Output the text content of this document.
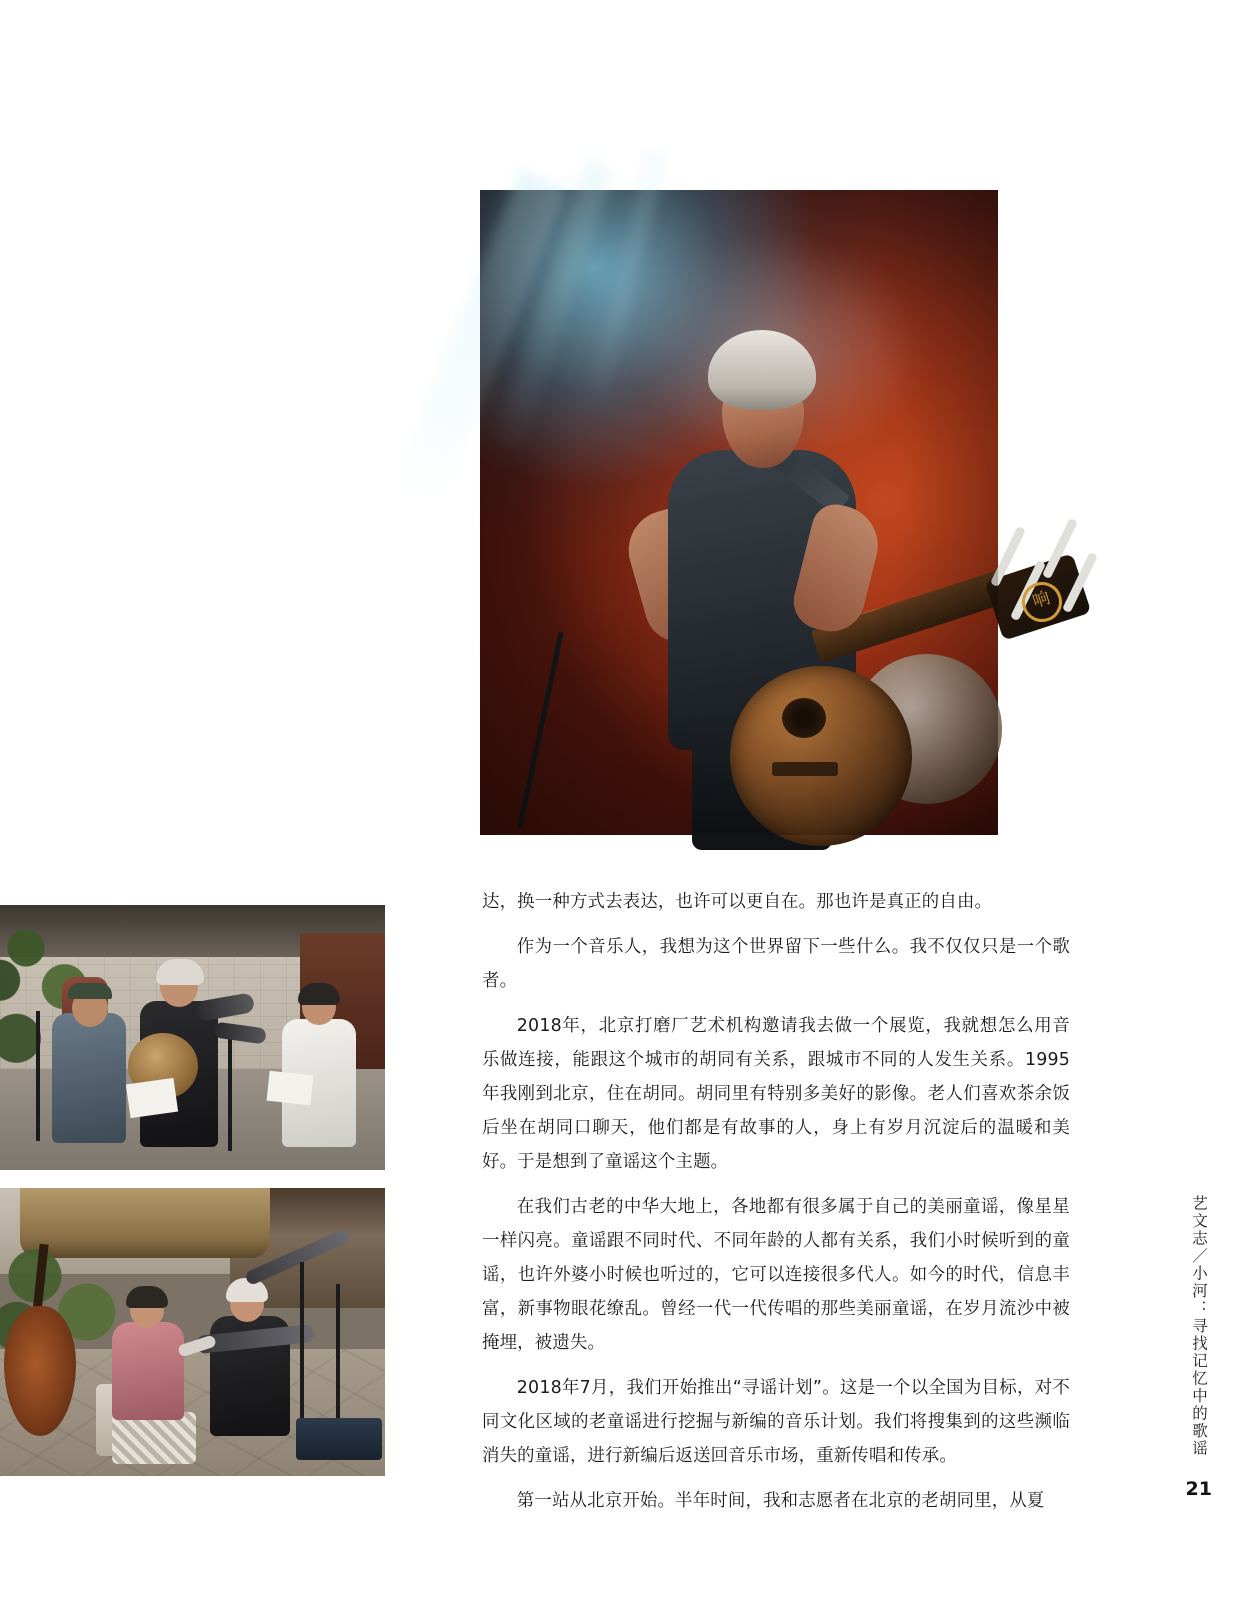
响

达，换一种方式去表达，也许可以更自在。那也许是真正的自由。

作为一个音乐人，我想为这个世界留下一些什么。我不仅仅只是一个歌者。

2018年，北京打磨厂艺术机构邀请我去做一个展览，我就想怎么用音乐做连接，能跟这个城市的胡同有关系，跟城市不同的人发生关系。1995年我刚到北京，住在胡同。胡同里有特别多美好的影像。老人们喜欢茶余饭后坐在胡同口聊天，他们都是有故事的人，身上有岁月沉淀后的温暖和美好。于是想到了童谣这个主题。

在我们古老的中华大地上，各地都有很多属于自己的美丽童谣，像星星一样闪亮。童谣跟不同时代、不同年龄的人都有关系，我们小时候听到的童谣，也许外婆小时候也听过的，它可以连接很多代人。如今的时代，信息丰富，新事物眼花缭乱。曾经一代一代传唱的那些美丽童谣，在岁月流沙中被掩埋，被遗失。

2018年7月，我们开始推出“寻谣计划”。这是一个以全国为目标，对不同文化区域的老童谣进行挖掘与新编的音乐计划。我们将搜集到的这些濒临消失的童谣，进行新编后返送回音乐市场，重新传唱和传承。

第一站从北京开始。半年时间，我和志愿者在北京的老胡同里，从夏

艺文志／小河：寻找记忆中的歌谣
21
